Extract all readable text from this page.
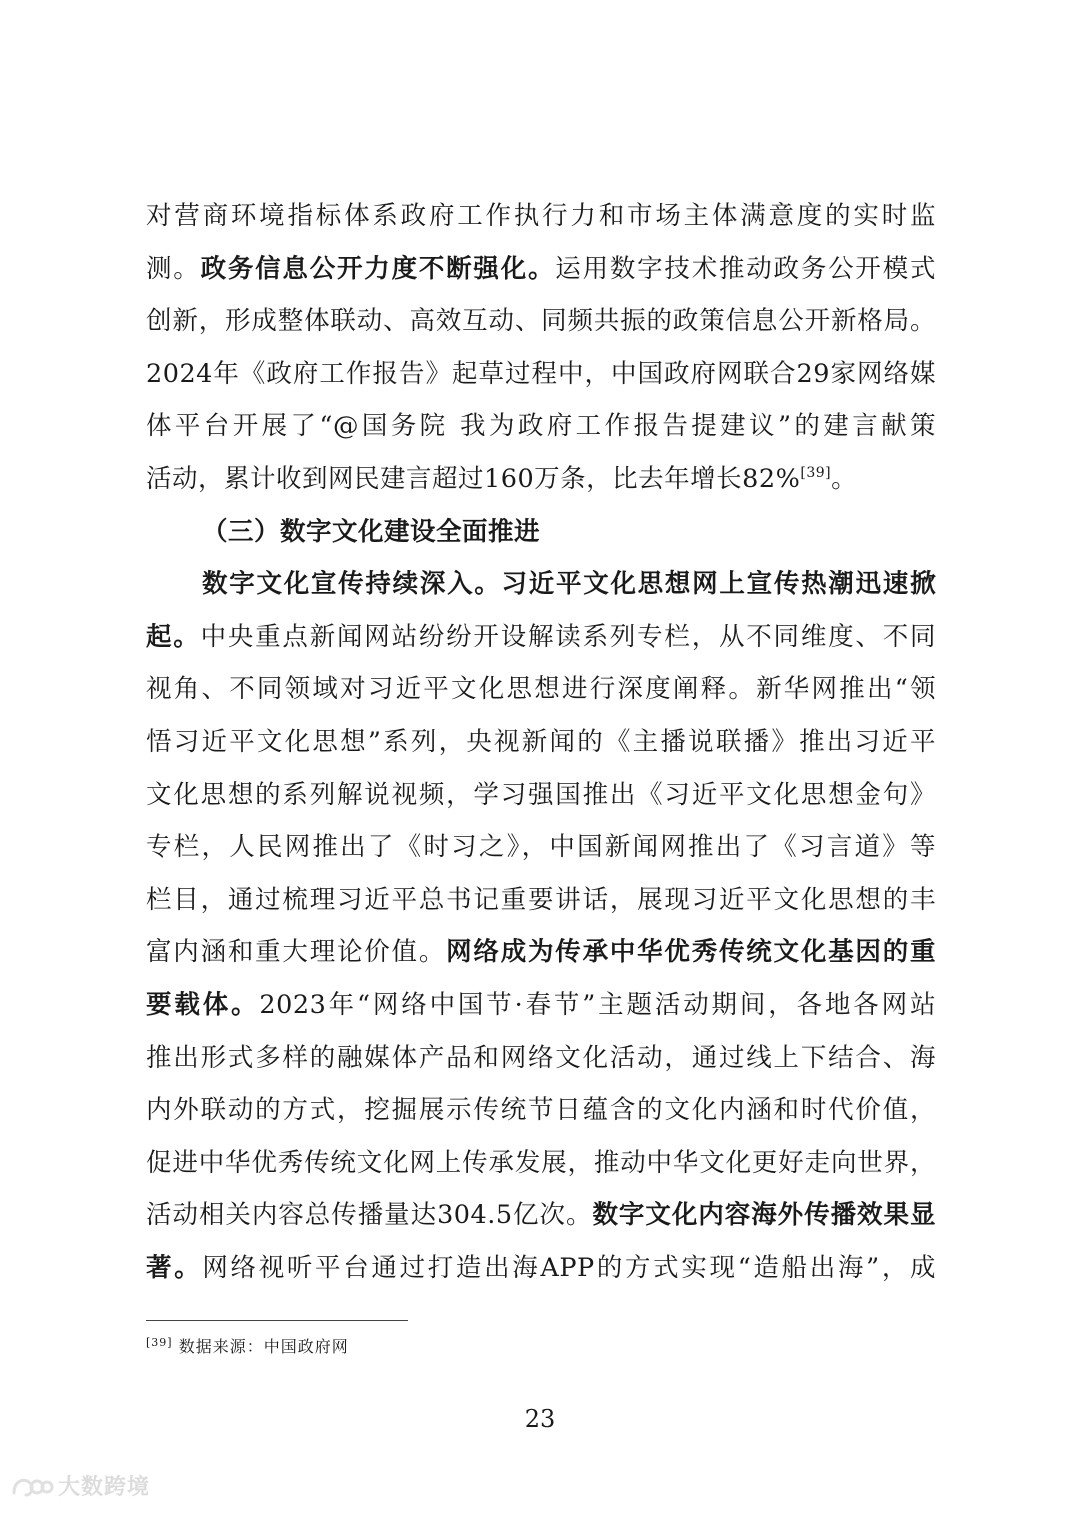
对营商环境指标体系政府工作执行力和市场主体满意度的实时监
测。政务信息公开力度不断强化。运用数字技术推动政务公开模式
创新，形成整体联动、高效互动、同频共振的政策信息公开新格局。
2024年《政府工作报告》起草过程中，中国政府网联合29家网络媒
体平台开展了“@国务院 我为政府工作报告提建议”的建言献策
活动，累计收到网民建言超过160万条，比去年增长82%[39]。
（三）数字文化建设全面推进
数字文化宣传持续深入。习近平文化思想网上宣传热潮迅速掀
起。中央重点新闻网站纷纷开设解读系列专栏，从不同维度、不同
视角、不同领域对习近平文化思想进行深度阐释。新华网推出“领
悟习近平文化思想”系列，央视新闻的《主播说联播》推出习近平
文化思想的系列解说视频，学习强国推出《习近平文化思想金句》
专栏，人民网推出了《时习之》，中国新闻网推出了《习言道》等
栏目，通过梳理习近平总书记重要讲话，展现习近平文化思想的丰
富内涵和重大理论价值。网络成为传承中华优秀传统文化基因的重
要载体。2023年“网络中国节·春节”主题活动期间，各地各网站
推出形式多样的融媒体产品和网络文化活动，通过线上下结合、海
内外联动的方式，挖掘展示传统节日蕴含的文化内涵和时代价值，
促进中华优秀传统文化网上传承发展，推动中华文化更好走向世界，
活动相关内容总传播量达304.5亿次。数字文化内容海外传播效果显
著。网络视听平台通过打造出海APP的方式实现“造船出海”，成
[39] 数据来源：中国政府网
23
大数跨境
